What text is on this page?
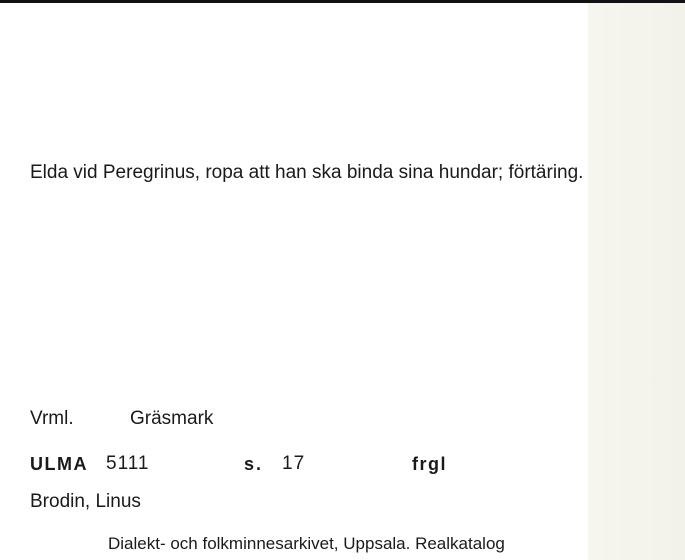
Elda vid Peregrinus, ropa att han ska binda sina hundar; förtäring.

Vrml.	Gräsmark
ULMA 5111	s. 17	frgl
Brodin, Linus
Dialekt- och folkminnesarkivet, Uppsala. Realkatalog
